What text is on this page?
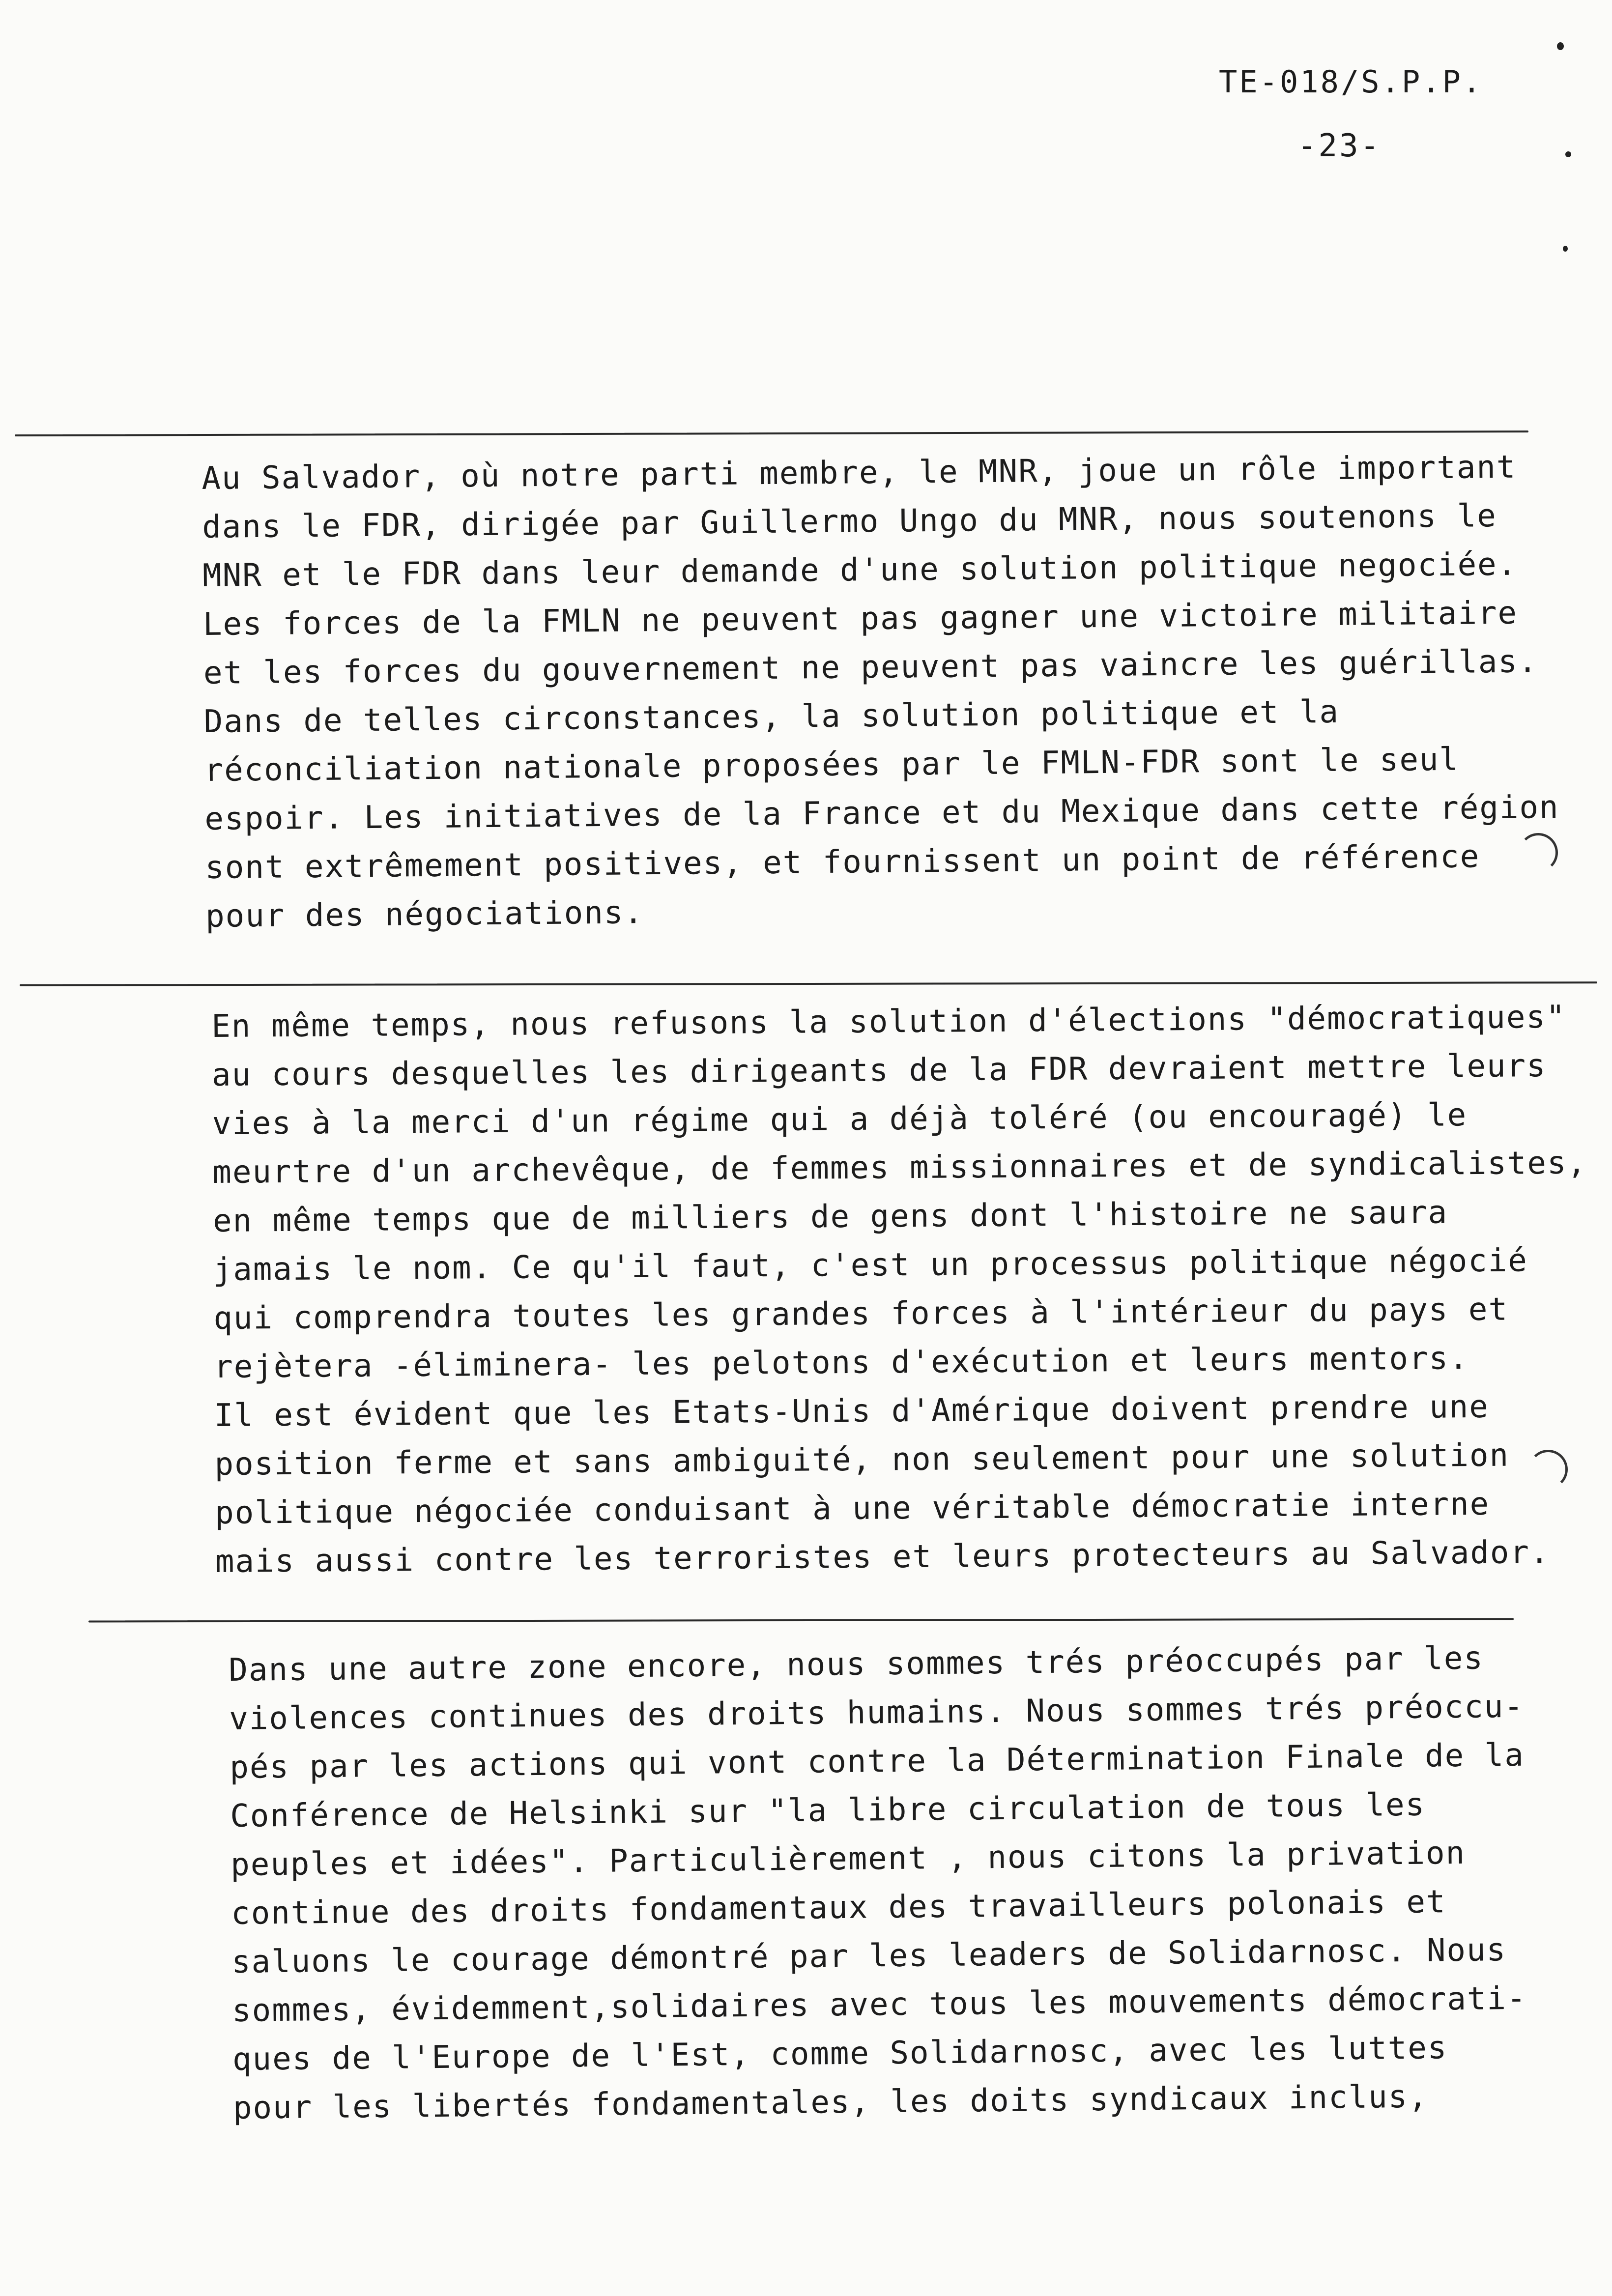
TE-018/S.P.P.
-23-
Au Salvador, où notre parti membre, le MNR, joue un rôle important
dans le FDR, dirigée par Guillermo Ungo du MNR, nous soutenons le
MNR et le FDR dans leur demande d'une solution politique negociée.
Les forces de la FMLN ne peuvent pas gagner une victoire militaire
et les forces du gouvernement ne peuvent pas vaincre les guérillas.
Dans de telles circonstances, la solution politique et la
réconciliation nationale proposées par le FMLN-FDR sont le seul
espoir. Les initiatives de la France et du Mexique dans cette région
sont extrêmement positives, et fournissent un point de référence
pour des négociations.
En même temps, nous refusons la solution d'élections "démocratiques"
au cours desquelles les dirigeants de la FDR devraient mettre leurs
vies à la merci d'un régime qui a déjà toléré (ou encouragé) le
meurtre d'un archevêque, de femmes missionnaires et de syndicalistes,
en même temps que de milliers de gens dont l'histoire ne saura
jamais le nom. Ce qu'il faut, c'est un processus politique négocié
qui comprendra toutes les grandes forces à l'intérieur du pays et
rejètera -éliminera- les pelotons d'exécution et leurs mentors.
Il est évident que les Etats-Unis d'Amérique doivent prendre une
position ferme et sans ambiguité, non seulement pour une solution
politique négociée conduisant à une véritable démocratie interne
mais aussi contre les terroristes et leurs protecteurs au Salvador.
Dans une autre zone encore, nous sommes trés préoccupés par les
violences continues des droits humains. Nous sommes trés préoccu-
pés par les actions qui vont contre la Détermination Finale de la
Conférence de Helsinki sur "la libre circulation de tous les
peuples et idées". Particulièrement , nous citons la privation
continue des droits fondamentaux des travailleurs polonais et
saluons le courage démontré par les leaders de Solidarnosc. Nous
sommes, évidemment,solidaires avec tous les mouvements démocrati-
ques de l'Europe de l'Est, comme Solidarnosc, avec les luttes
pour les libertés fondamentales, les doits syndicaux inclus,
